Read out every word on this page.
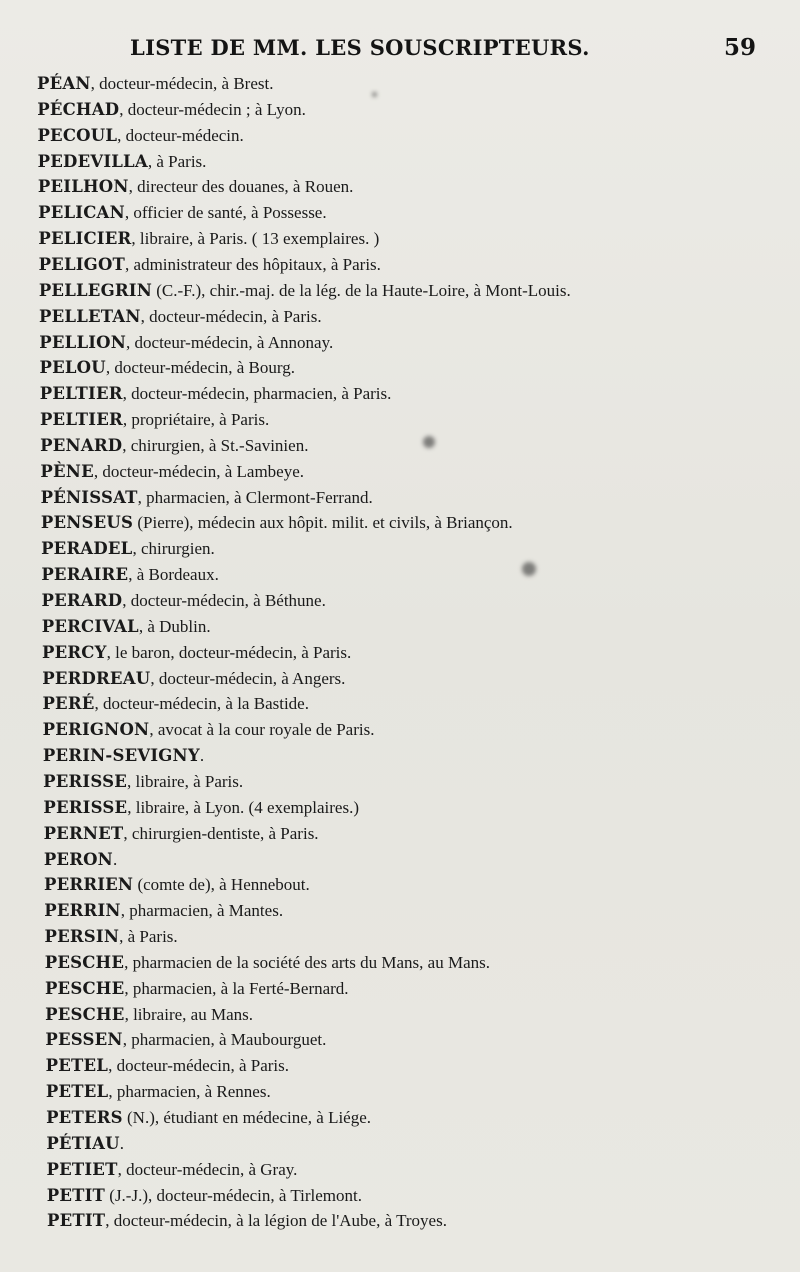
LISTE DE MM. LES SOUSCRIPTEURS.	59
PÉAN, docteur-médecin, à Brest.
PÉCHAD, docteur-médecin ; à Lyon.
PECOUL, docteur-médecin.
PEDEVILLA, à Paris.
PEILHON, directeur des douanes, à Rouen.
PELICAN, officier de santé, à Possesse.
PELICIER, libraire, à Paris. ( 13 exemplaires. )
PELIGOT, administrateur des hôpitaux, à Paris.
PELLEGRIN (C.-F.), chir.-maj. de la lég. de la Haute-Loire, à Mont-Louis.
PELLETAN, docteur-médecin, à Paris.
PELLION, docteur-médecin, à Annonay.
PELOU, docteur-médecin, à Bourg.
PELTIER, docteur-médecin, pharmacien, à Paris.
PELTIER, propriétaire, à Paris.
PENARD, chirurgien, à St.-Savinien.
PÈNE, docteur-médecin, à Lambeye.
PÉNISSAT, pharmacien, à Clermont-Ferrand.
PENSEUS (Pierre), médecin aux hôpit. milit. et civils, à Briançon.
PERADEL, chirurgien.
PERAIRE, à Bordeaux.
PERARD, docteur-médecin, à Béthune.
PERCIVAL, à Dublin.
PERCY, le baron, docteur-médecin, à Paris.
PERDREAU, docteur-médecin, à Angers.
PERÉ, docteur-médecin, à la Bastide.
PERIGNON, avocat à la cour royale de Paris.
PERIN-SEVIGNY.
PERISSE, libraire, à Paris.
PERISSE, libraire, à Lyon. (4 exemplaires.)
PERNET, chirurgien-dentiste, à Paris.
PERON.
PERRIEN (comte de), à Hennebout.
PERRIN, pharmacien, à Mantes.
PERSIN, à Paris.
PESCHE, pharmacien de la société des arts du Mans, au Mans.
PESCHE, pharmacien, à la Ferté-Bernard.
PESCHE, libraire, au Mans.
PESSEN, pharmacien, à Maubourguet.
PETEL, docteur-médecin, à Paris.
PETEL, pharmacien, à Rennes.
PETERS (N.), étudiant en médecine, à Liége.
PÉTIAU.
PETIET, docteur-médecin, à Gray.
PETIT (J.-J.), docteur-médecin, à Tirlemont.
PETIT, docteur-médecin, à la légion de l'Aube, à Troyes.
